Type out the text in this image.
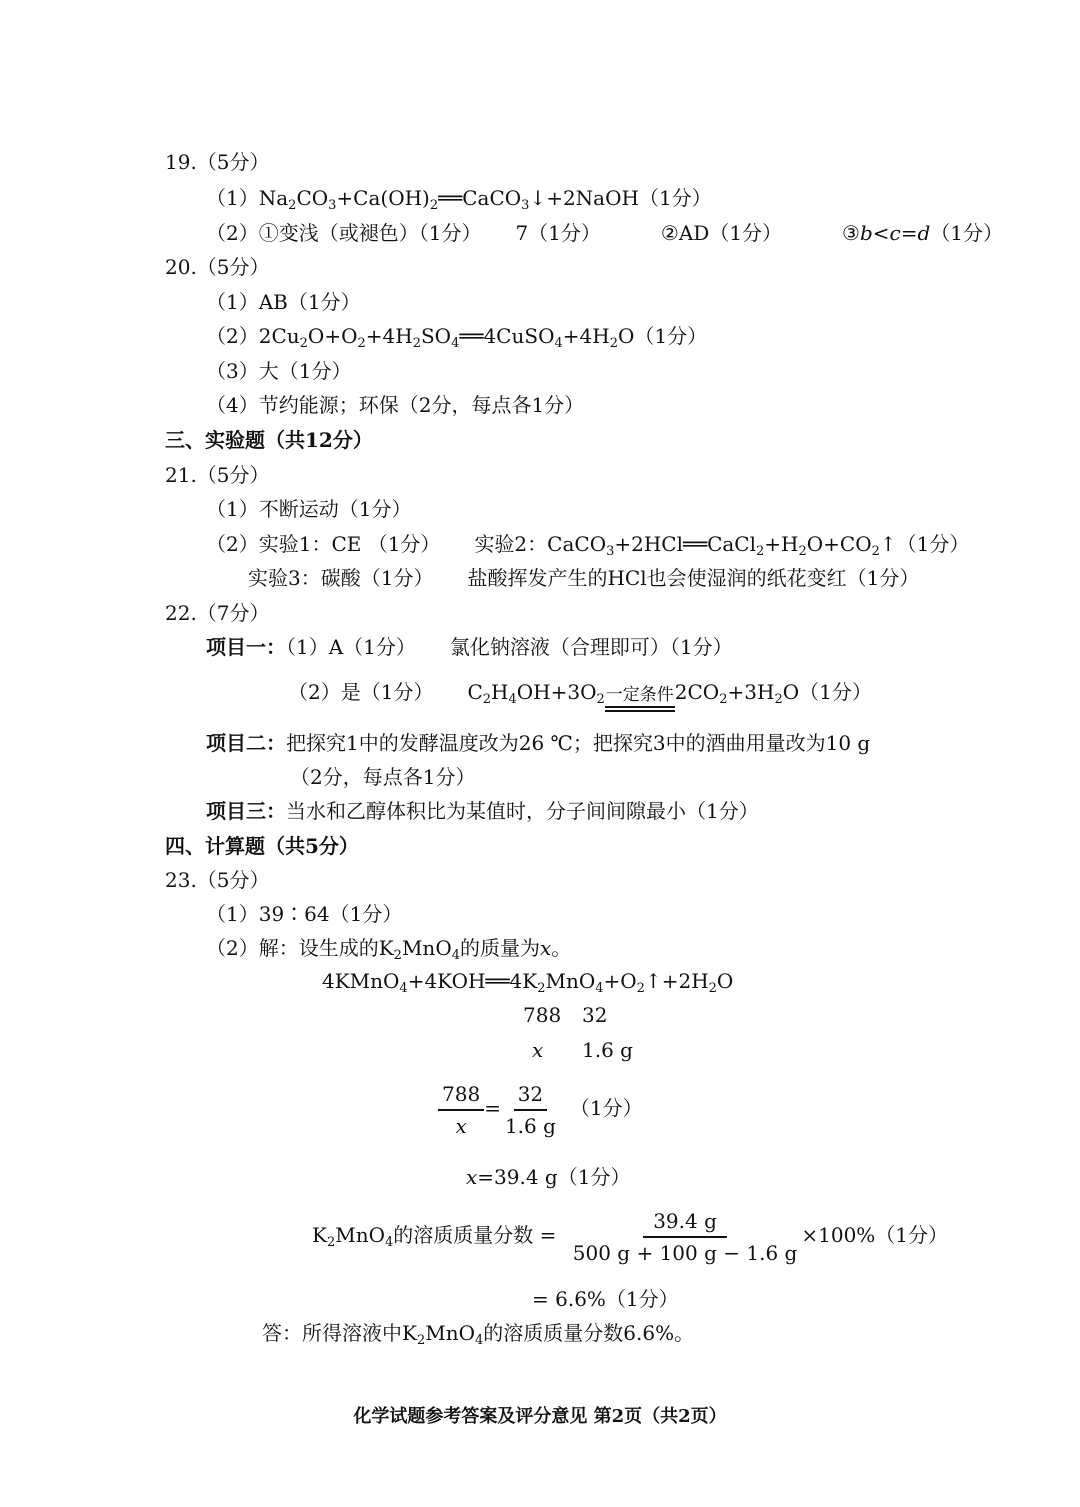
19.（5分）
$(1)Na_2CO_3+Ca(OH)_2══CaCO_3↓+2NaOH(1$分）
（2）①变浅（或褪色）（1分） 7（1分）	②AD（1分）	③b<c=d（1分）
20.（5分）
（1）AB（1分）
$(2)2Cu_2O+O_2+4H_2SO_4══4CuSO_4+4H_2O(1$分）
（3）大（1分）
（4）节约能源；环保（2分，每点各1分）
三、实验题（共12分）
21.（5分）
（1）不断运动（1分）
（2）实验1：CE （1分） 实验2：$CaCO_3+2HCl══CaCl_2+H_2O+CO_2↑(1$分）
实验3：碳酸（1分） 盐酸挥发产生的HCl也会使湿润的纸花变红（1分）
22.（7分）
项目一：（1）A（1分） 氯化钠溶液（合理即可）（1分）
（2）是（1分） $C_2H_4OH+3O_2$ 一定条件 $2CO_2+3H_2O(1$分）
项目二：把探究1中的发酵温度改为26 ℃；把探究3中的酒曲用量改为10 g
（2分，每点各1分）
项目三：当水和乙醇体积比为某值时，分子间间隙最小（1分）
四、计算题（共5分）
23.（5分）
（1）39∶64（1分）
（2）解：设生成的$K_2MnO_4$的质量为x。
$4KMnO_4+4KOH══4K_2MnO_4+O_2↑+2H_2O$
788 32
x 1.6 g
$\frac{788}{x} = \frac{32}{1.6 g} (1$分）
x=39.4 g（1分）
$K_2MnO_4$的溶质质量分数 = $\frac{39.4 g}{500 g + 100 g - 1.6 g} \times 100\%(1$分）
= 6.6%（1分）
答：所得溶液中$K_2MnO_4$的溶质质量分数6.6%。
化学试题参考答案及评分意见 第2页（共2页）
